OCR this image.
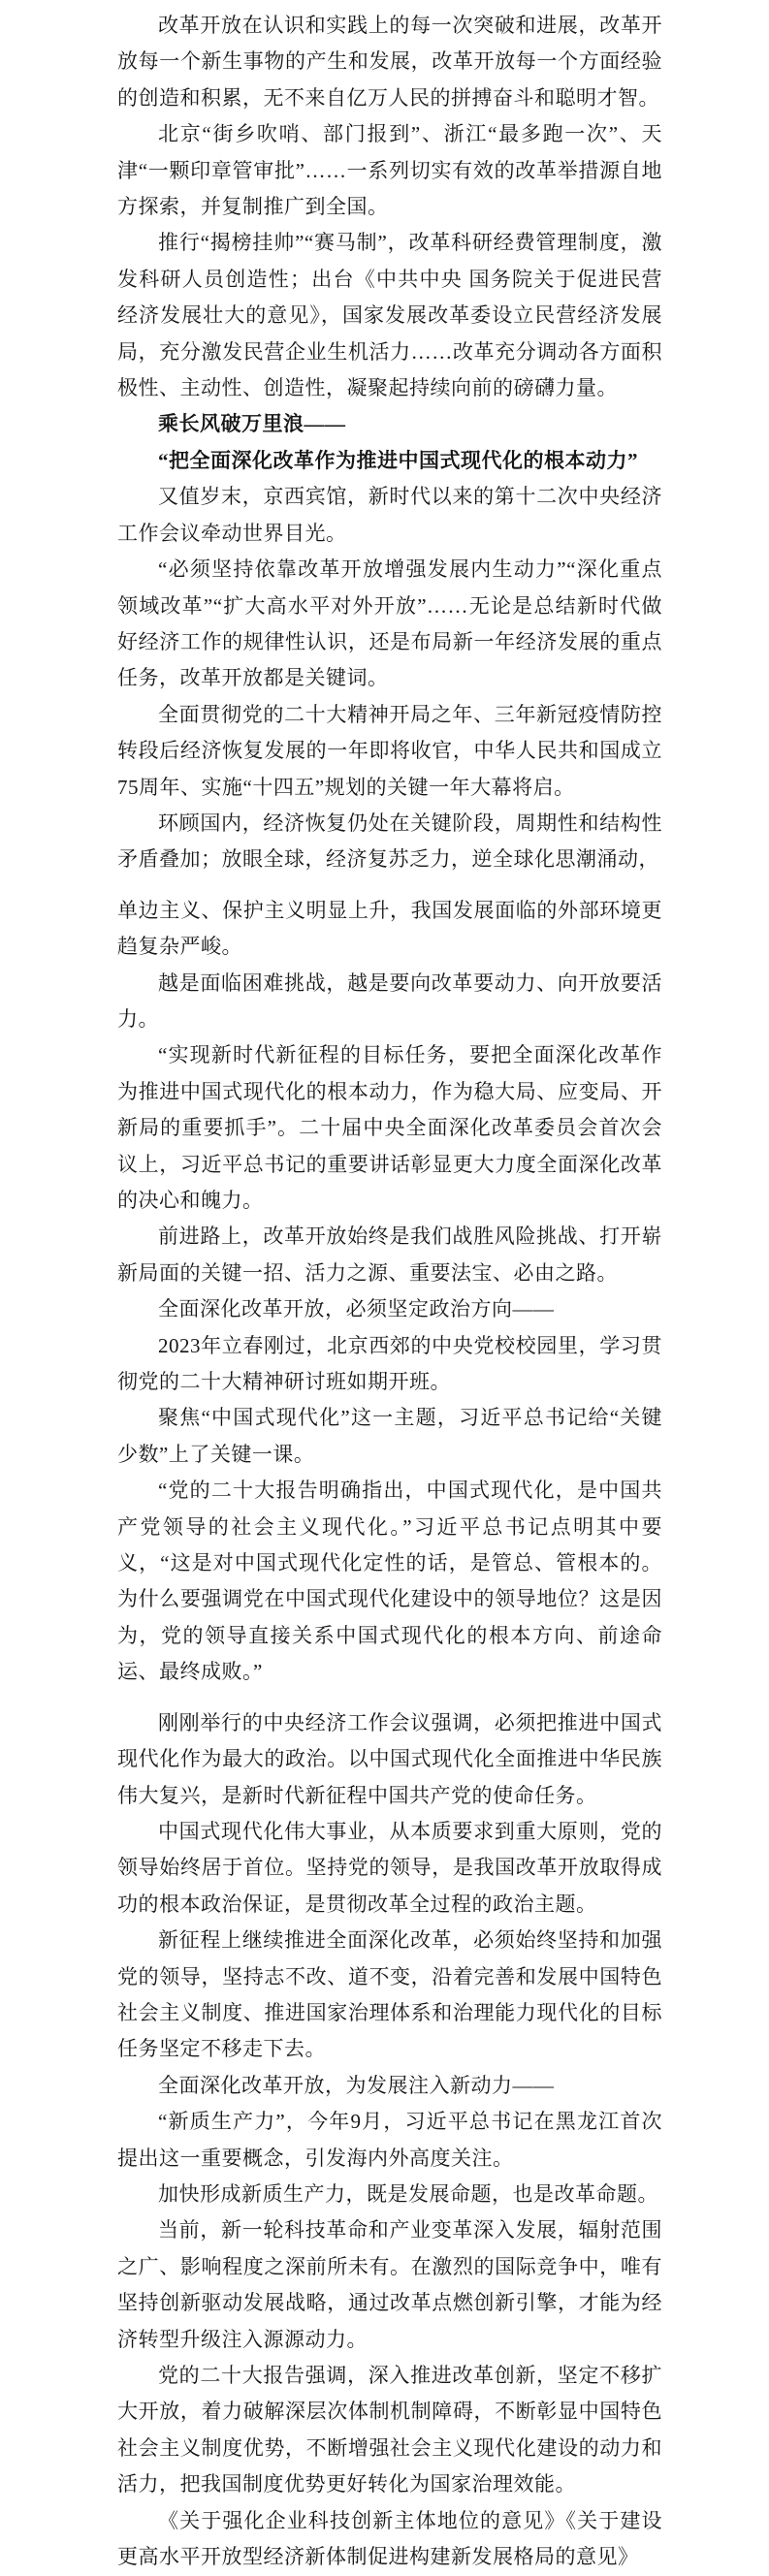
改革开放在认识和实践上的每一次突破和进展，改革开放每一个新生事物的产生和发展，改革开放每一个方面经验的创造和积累，无不来自亿万人民的拼搏奋斗和聪明才智。

北京“街乡吹哨、部门报到”、浙江“最多跑一次”、天津“一颗印章管审批”……一系列切实有效的改革举措源自地方探索，并复制推广到全国。

推行“揭榜挂帅”“赛马制”，改革科研经费管理制度，激发科研人员创造性；出台《中共中央 国务院关于促进民营经济发展壮大的意见》，国家发展改革委设立民营经济发展局，充分激发民营企业生机活力……改革充分调动各方面积极性、主动性、创造性，凝聚起持续向前的磅礴力量。

乘长风破万里浪——

“把全面深化改革作为推进中国式现代化的根本动力”

又值岁末，京西宾馆，新时代以来的第十二次中央经济工作会议牵动世界目光。

“必须坚持依靠改革开放增强发展内生动力”“深化重点领域改革”“扩大高水平对外开放”……无论是总结新时代做好经济工作的规律性认识，还是布局新一年经济发展的重点任务，改革开放都是关键词。

全面贯彻党的二十大精神开局之年、三年新冠疫情防控转段后经济恢复发展的一年即将收官，中华人民共和国成立75周年、实施“十四五”规划的关键一年大幕将启。

环顾国内，经济恢复仍处在关键阶段，周期性和结构性矛盾叠加；放眼全球，经济复苏乏力，逆全球化思潮涌动，

单边主义、保护主义明显上升，我国发展面临的外部环境更趋复杂严峻。

越是面临困难挑战，越是要向改革要动力、向开放要活力。

“实现新时代新征程的目标任务，要把全面深化改革作为推进中国式现代化的根本动力，作为稳大局、应变局、开新局的重要抓手”。二十届中央全面深化改革委员会首次会议上，习近平总书记的重要讲话彰显更大力度全面深化改革的决心和魄力。

前进路上，改革开放始终是我们战胜风险挑战、打开崭新局面的关键一招、活力之源、重要法宝、必由之路。

全面深化改革开放，必须坚定政治方向——

2023年立春刚过，北京西郊的中央党校校园里，学习贯彻党的二十大精神研讨班如期开班。

聚焦“中国式现代化”这一主题，习近平总书记给“关键少数”上了关键一课。

“党的二十大报告明确指出，中国式现代化，是中国共产党领导的社会主义现代化。”习近平总书记点明其中要义，“这是对中国式现代化定性的话，是管总、管根本的。为什么要强调党在中国式现代化建设中的领导地位？这是因为，党的领导直接关系中国式现代化的根本方向、前途命运、最终成败。”

刚刚举行的中央经济工作会议强调，必须把推进中国式现代化作为最大的政治。以中国式现代化全面推进中华民族伟大复兴，是新时代新征程中国共产党的使命任务。

中国式现代化伟大事业，从本质要求到重大原则，党的领导始终居于首位。坚持党的领导，是我国改革开放取得成功的根本政治保证，是贯彻改革全过程的政治主题。

新征程上继续推进全面深化改革，必须始终坚持和加强党的领导，坚持志不改、道不变，沿着完善和发展中国特色社会主义制度、推进国家治理体系和治理能力现代化的目标任务坚定不移走下去。

全面深化改革开放，为发展注入新动力——

“新质生产力”，今年9月，习近平总书记在黑龙江首次提出这一重要概念，引发海内外高度关注。

加快形成新质生产力，既是发展命题，也是改革命题。

当前，新一轮科技革命和产业变革深入发展，辐射范围之广、影响程度之深前所未有。在激烈的国际竞争中，唯有坚持创新驱动发展战略，通过改革点燃创新引擎，才能为经济转型升级注入源源动力。

党的二十大报告强调，深入推进改革创新，坚定不移扩大开放，着力破解深层次体制机制障碍，不断彰显中国特色社会主义制度优势，不断增强社会主义现代化建设的动力和活力，把我国制度优势更好转化为国家治理效能。

《关于强化企业科技创新主体地位的意见》《关于建设更高水平开放型经济新体制促进构建新发展格局的意见》
